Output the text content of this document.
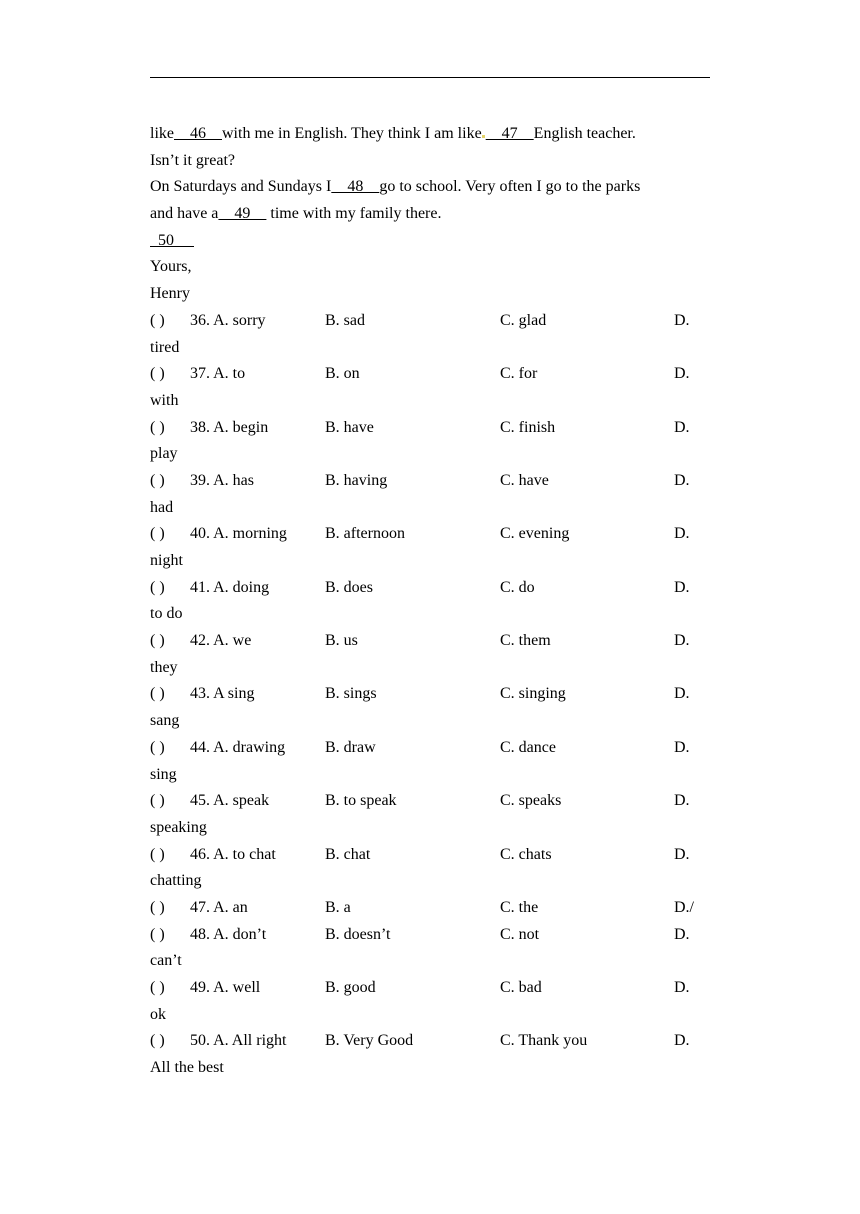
like    46    with me in English. They think I am like    47    English teacher.
Isn’t it great?
On Saturdays and Sundays I    48    go to school. Very often I go to the parks
and have a    49     time with my family there.
50
Yours,
Henry
( ) 36. A. sorry	B. sad	C. glad	D.
tired
( ) 37. A. to	B. on	C. for	D.
with
( ) 38. A. begin	B. have	C. finish	D.
play
( ) 39. A. has	B. having	C. have	D.
had
( ) 40. A. morning B. afternoon	C. evening	D.
night
( ) 41. A. doing	B. does	C. do	D.
to do
( ) 42. A. we	B. us	C. them	D.
they
( ) 43. A sing	B. sings	C. singing	D.
sang
( ) 44. A. drawing B. draw	C. dance	D.
sing
( ) 45. A. speak	B. to speak	C. speaks	D.
speaking
( ) 46. A. to chat	B. chat	C. chats	D.
chatting
( ) 47. A. an	B. a	C. the	D./
( ) 48. A. don’t	B. doesn’t	C. not	D.
can’t
( ) 49. A. well	B. good	C. bad	D.
ok
( ) 50. A. All right B. Very Good	C. Thank you	D.
All the best
